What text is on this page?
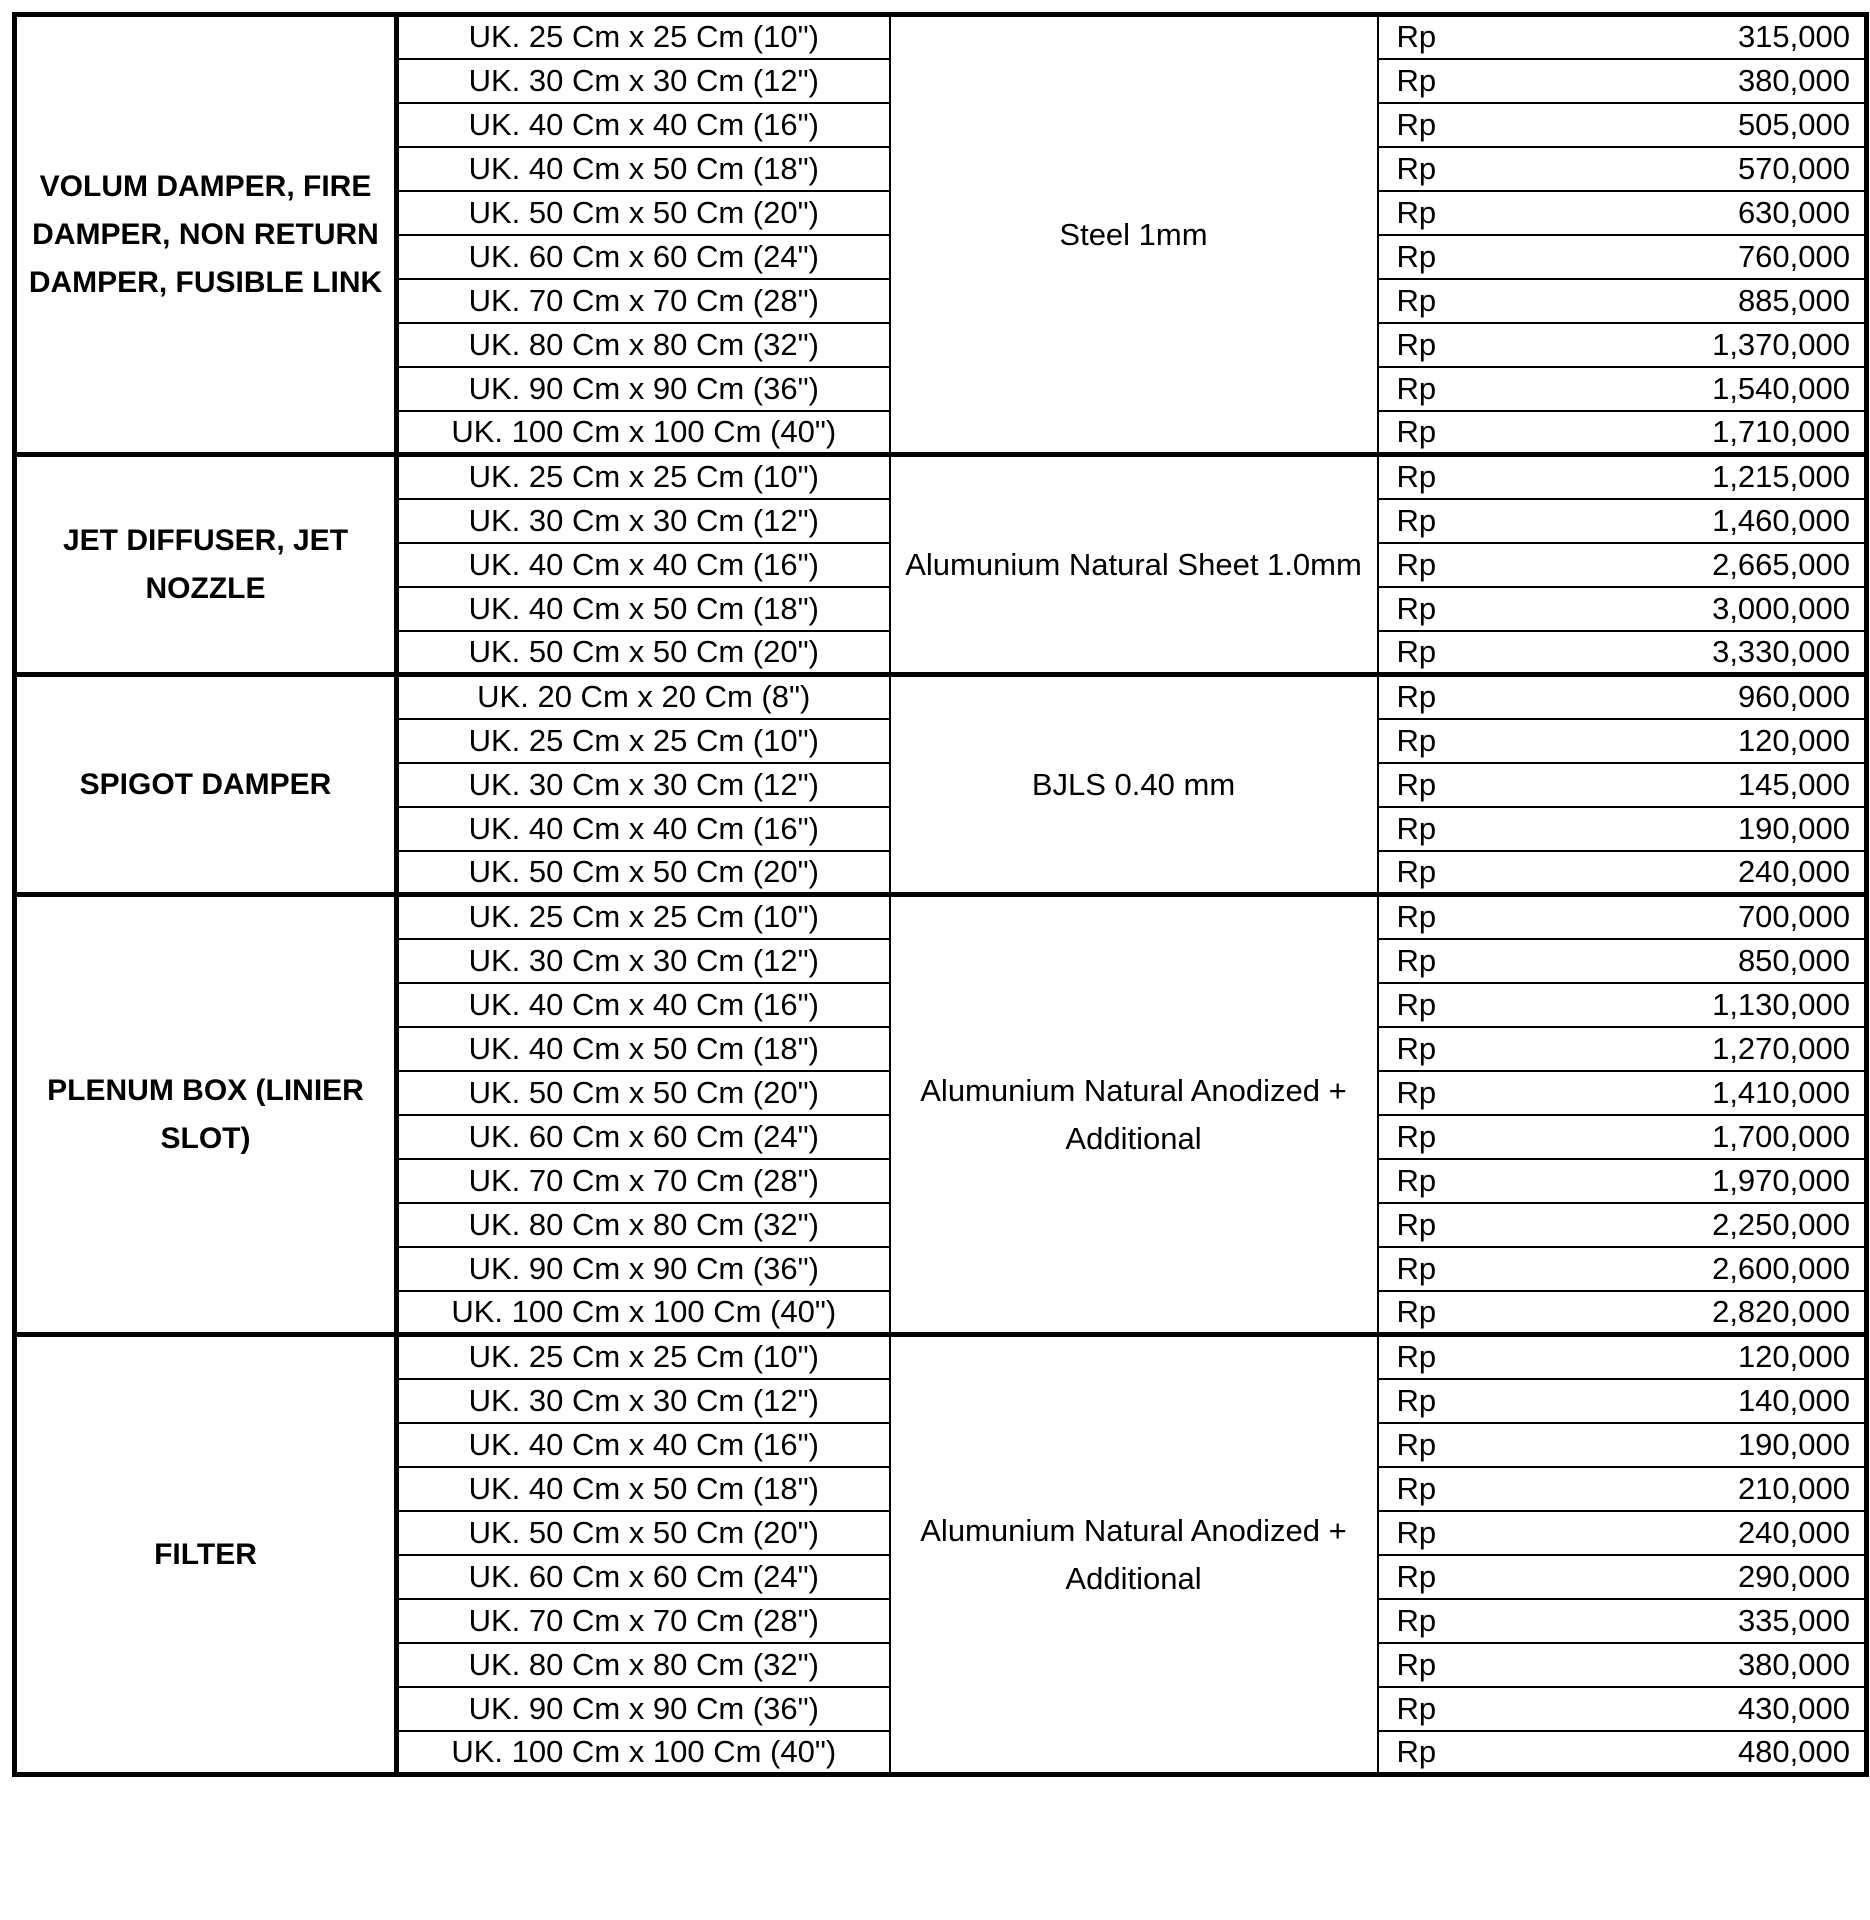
VOLUM DAMPER, FIRE DAMPER, NON RETURN DAMPER, FUSIBLE LINK	UK. 25 Cm x 25 Cm (10")	Steel 1mm	Rp	315,000
	UK. 30 Cm x 30 Cm (12")		Rp	380,000
	UK. 40 Cm x 40 Cm (16")		Rp	505,000
	UK. 40 Cm x 50 Cm (18")		Rp	570,000
	UK. 50 Cm x 50 Cm (20")		Rp	630,000
	UK. 60 Cm x 60 Cm (24")		Rp	760,000
	UK. 70 Cm x 70 Cm (28")		Rp	885,000
	UK. 80 Cm x 80 Cm (32")		Rp	1,370,000
	UK. 90 Cm x 90 Cm (36")		Rp	1,540,000
	UK. 100 Cm x 100 Cm (40")		Rp	1,710,000
JET DIFFUSER, JET NOZZLE	UK. 25 Cm x 25 Cm (10")	Alumunium Natural Sheet 1.0mm	Rp	1,215,000
	UK. 30 Cm x 30 Cm (12")		Rp	1,460,000
	UK. 40 Cm x 40 Cm (16")		Rp	2,665,000
	UK. 40 Cm x 50 Cm (18")		Rp	3,000,000
	UK. 50 Cm x 50 Cm (20")		Rp	3,330,000
SPIGOT DAMPER	UK. 20 Cm x 20 Cm (8")	BJLS 0.40 mm	Rp	960,000
	UK. 25 Cm x 25 Cm (10")		Rp	120,000
	UK. 30 Cm x 30 Cm (12")		Rp	145,000
	UK. 40 Cm x 40 Cm (16")		Rp	190,000
	UK. 50 Cm x 50 Cm (20")		Rp	240,000
PLENUM BOX (LINIER SLOT)	UK. 25 Cm x 25 Cm (10")	Alumunium Natural Anodized + Additional	Rp	700,000
	UK. 30 Cm x 30 Cm (12")		Rp	850,000
	UK. 40 Cm x 40 Cm (16")		Rp	1,130,000
	UK. 40 Cm x 50 Cm (18")		Rp	1,270,000
	UK. 50 Cm x 50 Cm (20")		Rp	1,410,000
	UK. 60 Cm x 60 Cm (24")		Rp	1,700,000
	UK. 70 Cm x 70 Cm (28")		Rp	1,970,000
	UK. 80 Cm x 80 Cm (32")		Rp	2,250,000
	UK. 90 Cm x 90 Cm (36")		Rp	2,600,000
	UK. 100 Cm x 100 Cm (40")		Rp	2,820,000
FILTER	UK. 25 Cm x 25 Cm (10")	Alumunium Natural Anodized + Additional	Rp	120,000
	UK. 30 Cm x 30 Cm (12")		Rp	140,000
	UK. 40 Cm x 40 Cm (16")		Rp	190,000
	UK. 40 Cm x 50 Cm (18")		Rp	210,000
	UK. 50 Cm x 50 Cm (20")		Rp	240,000
	UK. 60 Cm x 60 Cm (24")		Rp	290,000
	UK. 70 Cm x 70 Cm (28")		Rp	335,000
	UK. 80 Cm x 80 Cm (32")		Rp	380,000
	UK. 90 Cm x 90 Cm (36")		Rp	430,000
	UK. 100 Cm x 100 Cm (40")		Rp	480,000
